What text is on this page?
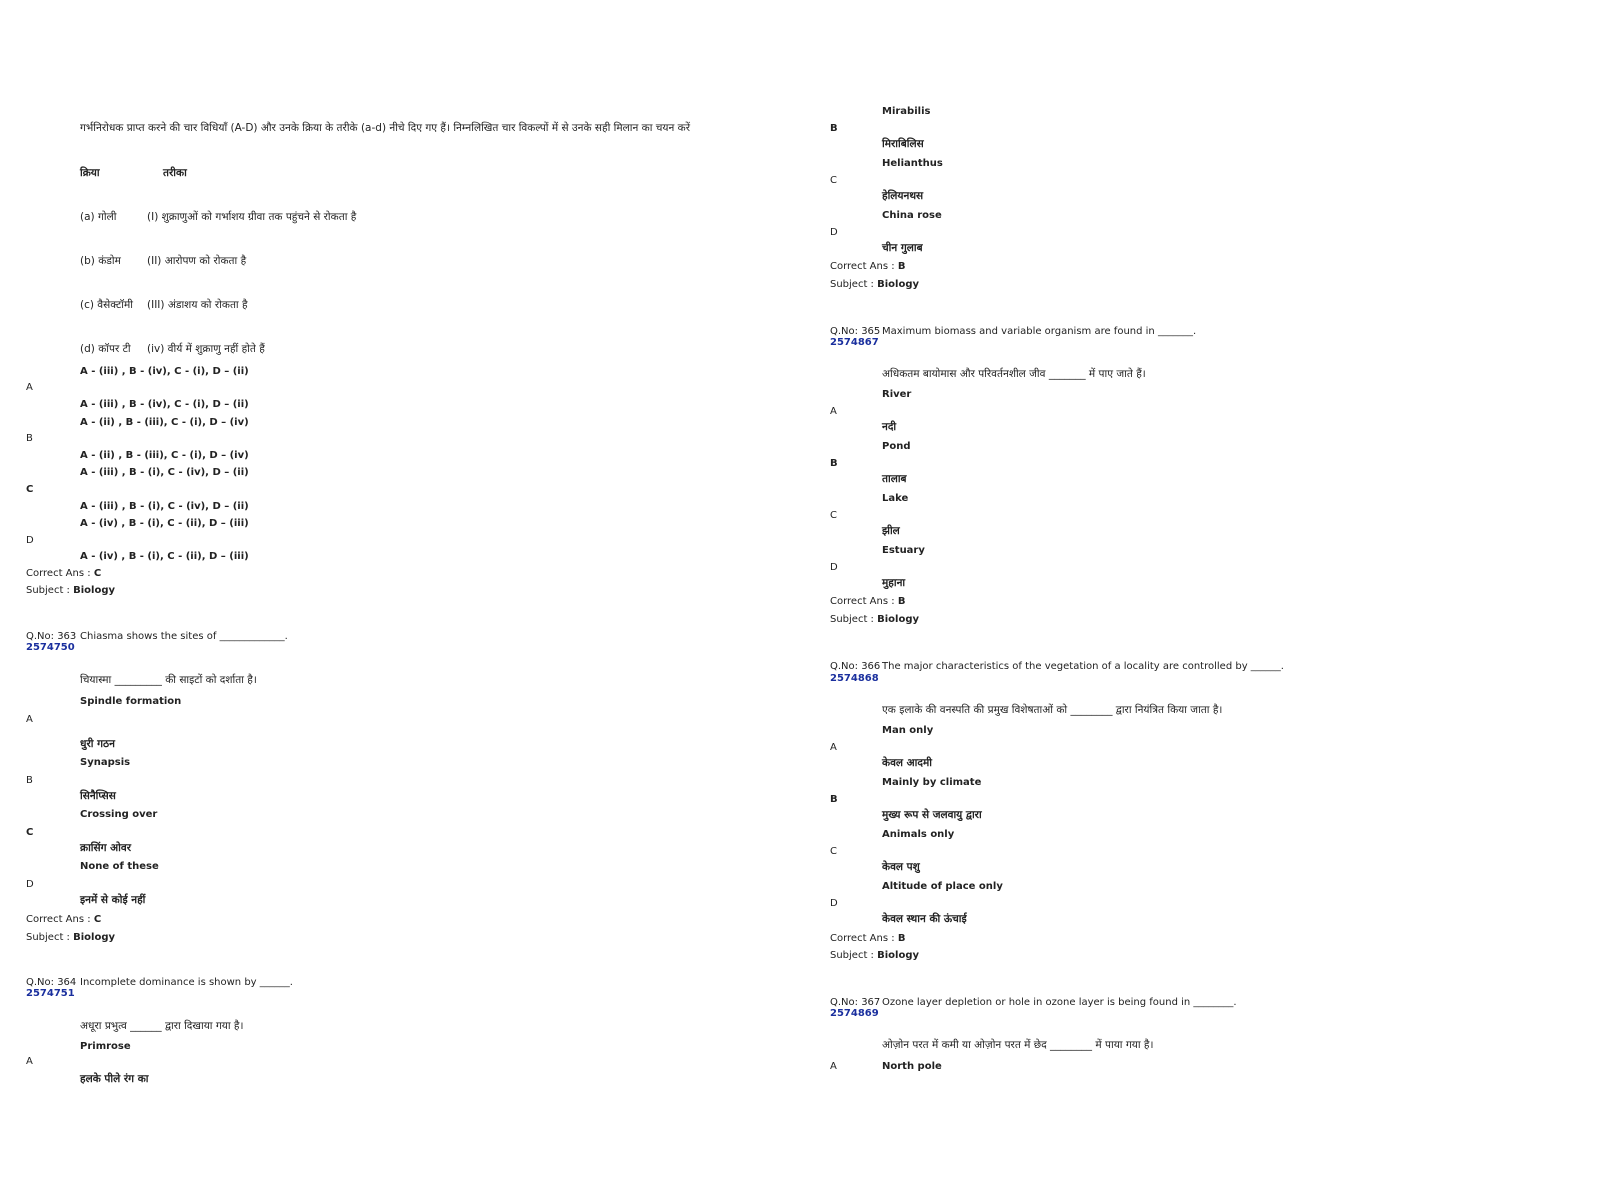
गर्भनिरोधक प्राप्त करने की चार विधियाँ (A-D) और उनके क्रिया के तरीके (a-d) नीचे दिए गए हैं। निम्नलिखित चार विकल्पों में से उनके सही मिलान का चयन करें
क्रिया	तरीका
(a) गोली	(I) शुक्राणुओं को गर्भाशय ग्रीवा तक पहुंचने से रोकता है
(b) कंडोम (II) आरोपण को रोकता है
(c) वैसेक्टॉमी (III) अंडाशय को रोकता है
(d) कॉपर टी (iv) वीर्य में शुक्राणु नहीं होते हैं
A - (iii) , B - (iv), C - (i), D – (ii)
A
A - (iii) , B - (iv), C - (i), D – (ii)
A - (ii) , B - (iii), C - (i), D – (iv)
B
A - (ii) , B - (iii), C - (i), D – (iv)
A - (iii) , B - (i), C - (iv), D – (ii)
C
A - (iii) , B - (i), C - (iv), D – (ii)
A - (iv) , B - (i), C - (ii), D – (iii)
D
A - (iv) , B - (i), C - (ii), D – (iii)
Correct Ans : C
Subject : Biology
Q.No: 363
2574750
Chiasma shows the sites of _____________.
चियास्मा _________ की साइटों को दर्शाता है।
Spindle formation
A
धुरी गठन
Synapsis
B
सिनैप्सिस
Crossing over
C
क्रासिंग ओवर
None of these
D
इनमें से कोई नहीं
Correct Ans : C
Subject : Biology
Q.No: 364
2574751
Incomplete dominance is shown by ______.
अधूरा प्रभुत्व ______ द्वारा दिखाया गया है।
Primrose
A
हलके पीले रंग का
Mirabilis
B
मिराबिलिस
Helianthus
C
हेलियनथस
China rose
D
चीन गुलाब
Correct Ans : B
Subject : Biology
Q.No: 365
2574867
Maximum biomass and variable organism are found in _______.
अधिकतम बायोमास और परिवर्तनशील जीव _______ में पाए जाते हैं।
River
A
नदी
Pond
B
तालाब
Lake
C
झील
Estuary
D
मुहाना
Correct Ans : B
Subject : Biology
Q.No: 366
2574868
The major characteristics of the vegetation of a locality are controlled by ______.
एक इलाके की वनस्पति की प्रमुख विशेषताओं को ________ द्वारा नियंत्रित किया जाता है।
Man only
A
केवल आदमी
Mainly by climate
B
मुख्य रूप से जलवायु द्वारा
Animals only
C
केवल पशु
Altitude of place only
D
केवल स्थान की ऊंचाई
Correct Ans : B
Subject : Biology
Q.No: 367
2574869
Ozone layer depletion or hole in ozone layer is being found in ________.
ओज़ोन परत में कमी या ओज़ोन परत में छेद ________ में पाया गया है।
North pole
A
